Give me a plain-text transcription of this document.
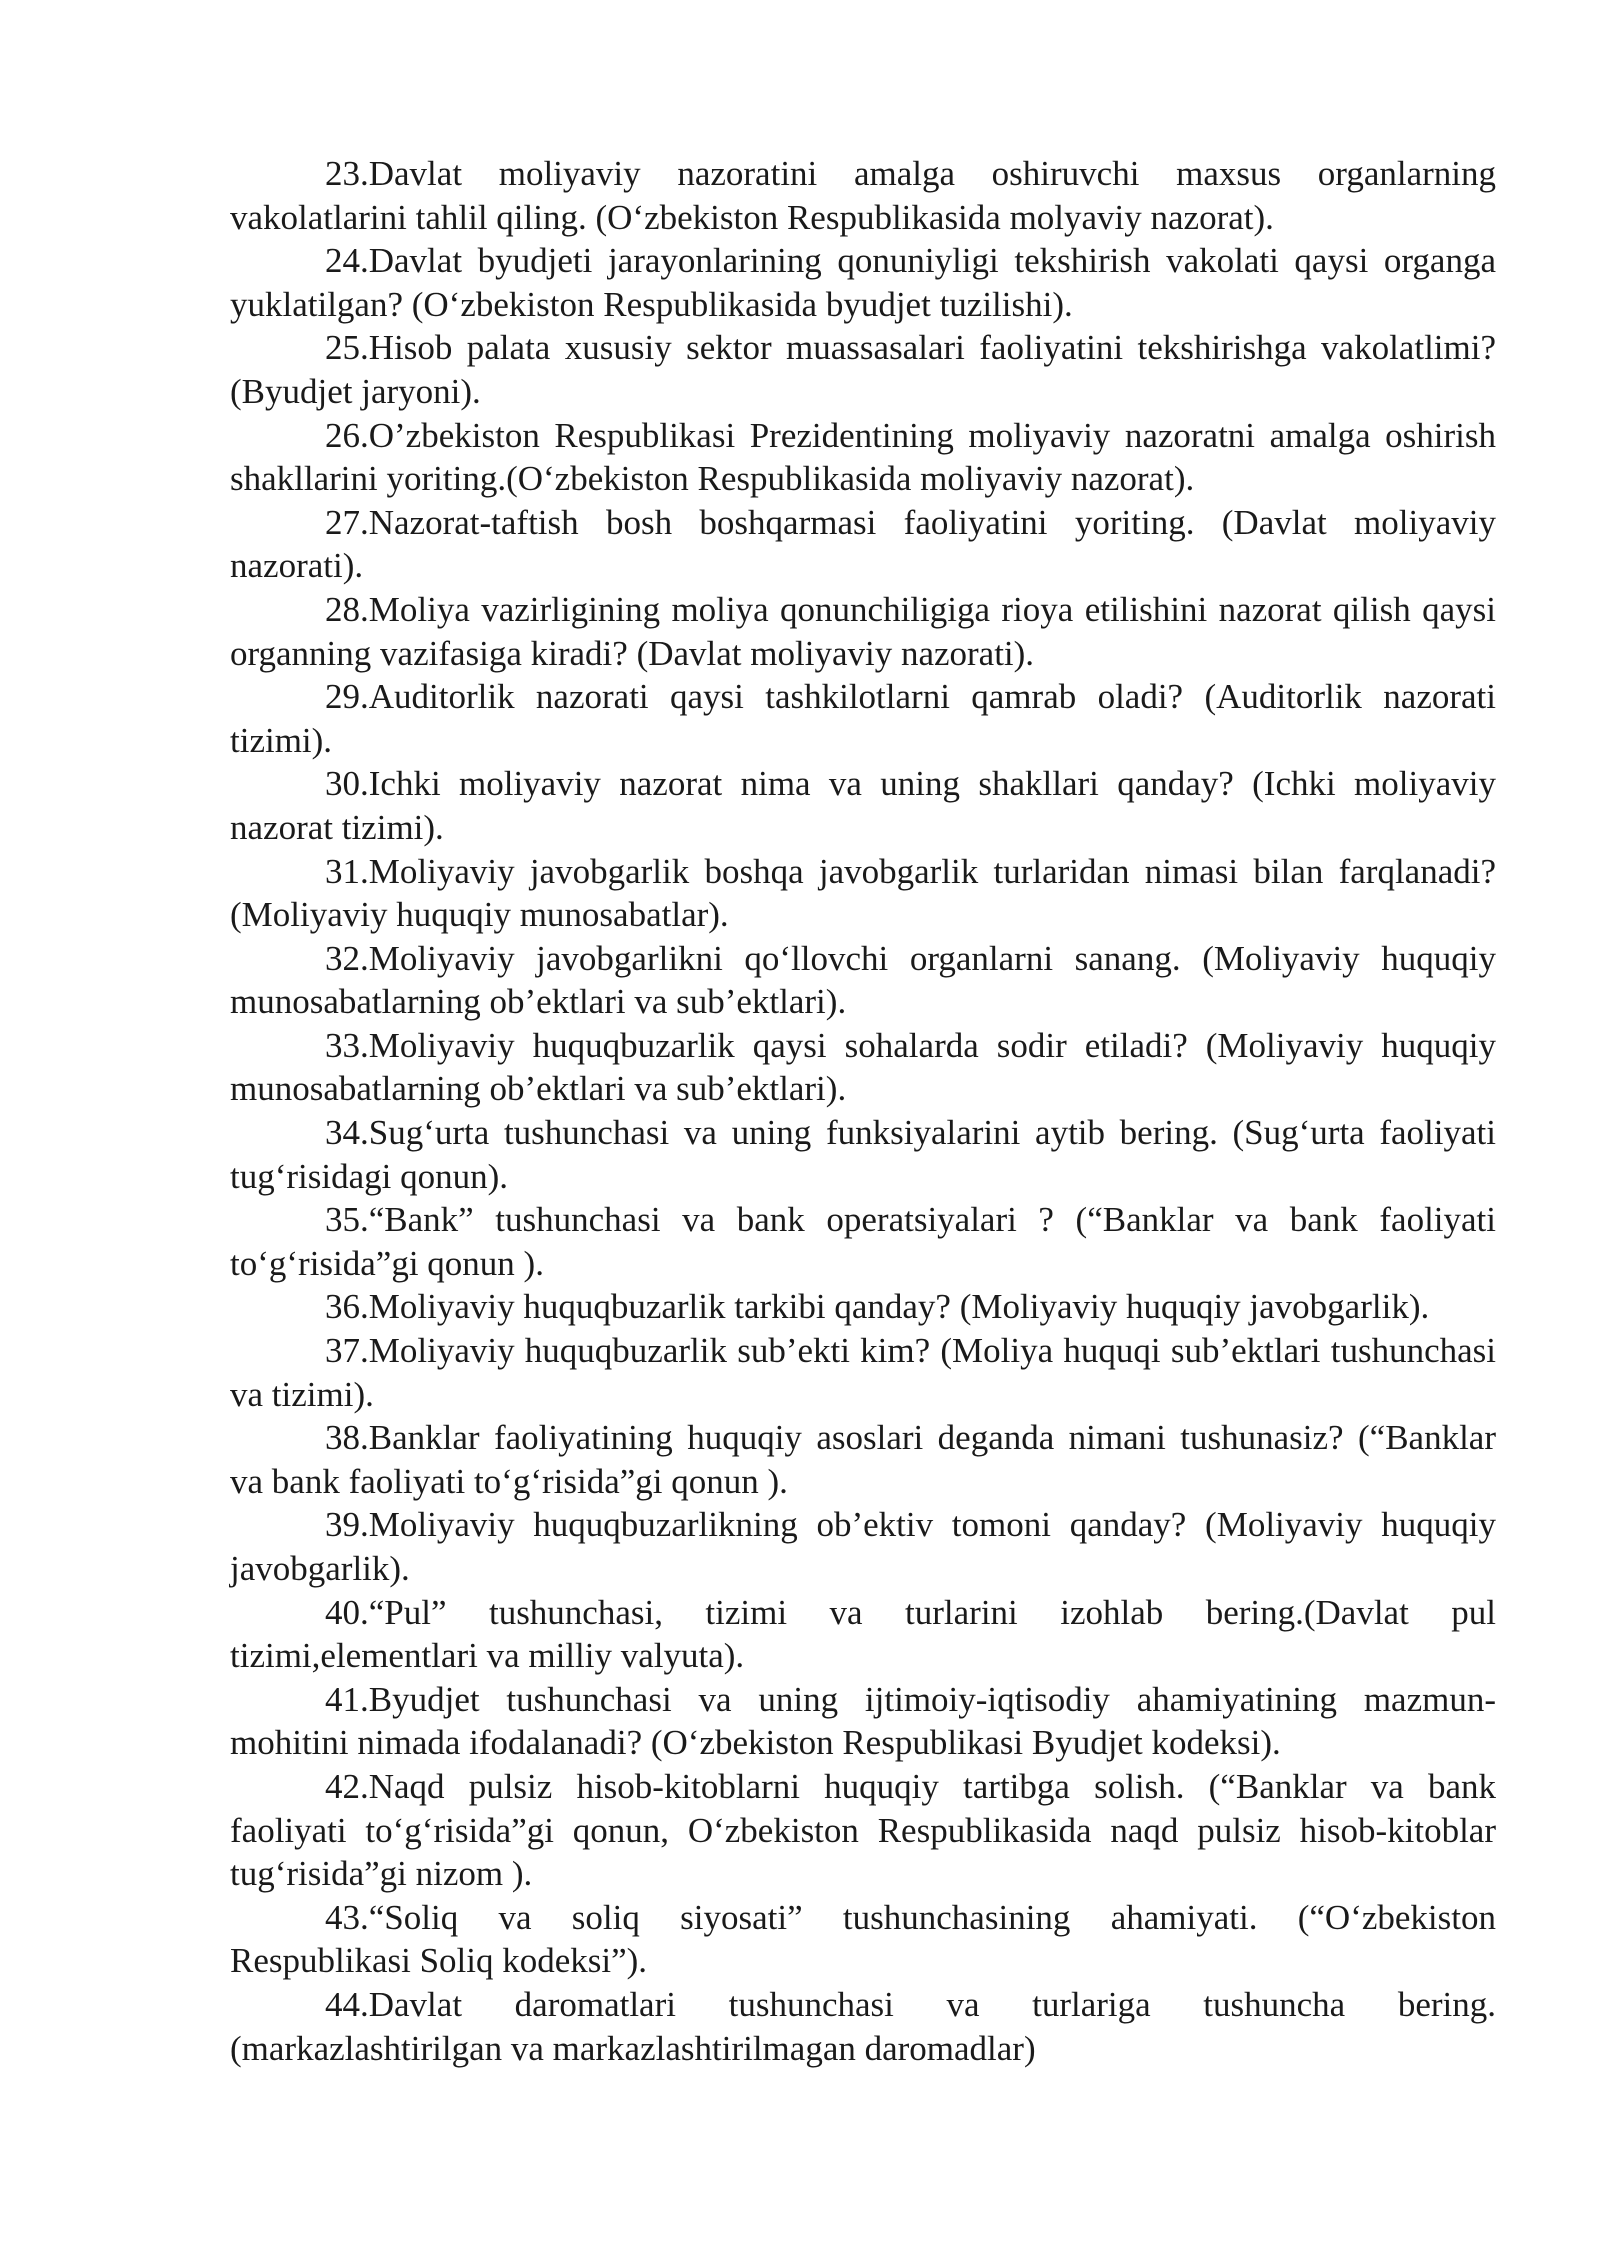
23.Davlat moliyaviy nazoratini amalga oshiruvchi maxsus organlarning vakolatlarini tahlil qiling. (O‘zbekiston Respublikasida molyaviy nazorat).

24.Davlat byudjeti jarayonlarining qonuniyligi tekshirish vakolati qaysi organga yuklatilgan? (O‘zbekiston Respublikasida byudjet tuzilishi).

25.Hisob palata xususiy sektor muassasalari faoliyatini tekshirishga vakolatlimi? (Byudjet jaryoni).

26.O’zbekiston Respublikasi Prezidentining moliyaviy nazoratni amalga oshirish shakllarini yoriting.(O‘zbekiston Respublikasida moliyaviy nazorat).

27.Nazorat-taftish bosh boshqarmasi faoliyatini yoriting. (Davlat moliyaviy nazorati).

28.Moliya vazirligining moliya qonunchiligiga rioya etilishini nazorat qilish qaysi organning vazifasiga kiradi? (Davlat moliyaviy nazorati).

29.Auditorlik nazorati qaysi tashkilotlarni qamrab oladi? (Auditorlik nazorati tizimi).

30.Ichki moliyaviy nazorat nima va uning shakllari qanday? (Ichki moliyaviy nazorat tizimi).

31.Moliyaviy javobgarlik boshqa javobgarlik turlaridan nimasi bilan farqlanadi? (Moliyaviy huquqiy munosabatlar).

32.Moliyaviy javobgarlikni qo‘llovchi organlarni sanang. (Moliyaviy huquqiy munosabatlarning ob’ektlari va sub’ektlari).

33.Moliyaviy huquqbuzarlik qaysi sohalarda sodir etiladi? (Moliyaviy huquqiy munosabatlarning ob’ektlari va sub’ektlari).

34.Sug‘urta tushunchasi va uning funksiyalarini aytib bering. (Sug‘urta faoliyati tug‘risidagi qonun).

35.“Bank” tushunchasi va bank operatsiyalari ? (“Banklar va bank faoliyati to‘g‘risida”gi qonun ).

36.Moliyaviy huquqbuzarlik tarkibi qanday? (Moliyaviy huquqiy javobgarlik).

37.Moliyaviy huquqbuzarlik sub’ekti kim? (Moliya huquqi sub’ektlari tushunchasi va tizimi).

38.Banklar faoliyatining huquqiy asoslari deganda nimani tushunasiz? (“Banklar va bank faoliyati to‘g‘risida”gi qonun ).

39.Moliyaviy huquqbuzarlikning ob’ektiv tomoni qanday? (Moliyaviy huquqiy javobgarlik).

40.“Pul” tushunchasi, tizimi va turlarini izohlab bering.(Davlat pul tizimi,elementlari va milliy valyuta).

41.Byudjet tushunchasi va uning ijtimoiy-iqtisodiy ahamiyatining mazmun-mohitini nimada ifodalanadi? (O‘zbekiston Respublikasi Byudjet kodeksi).

42.Naqd pulsiz hisob-kitoblarni huquqiy tartibga solish. (“Banklar va bank faoliyati to‘g‘risida”gi qonun, O‘zbekiston Respublikasida naqd pulsiz hisob-kitoblar tug‘risida”gi nizom ).

43.“Soliq va soliq siyosati” tushunchasining ahamiyati. (“O‘zbekiston Respublikasi Soliq kodeksi”).

44.Davlat daromatlari tushunchasi va turlariga tushuncha bering. (markazlashtirilgan va markazlashtirilmagan daromadlar)
